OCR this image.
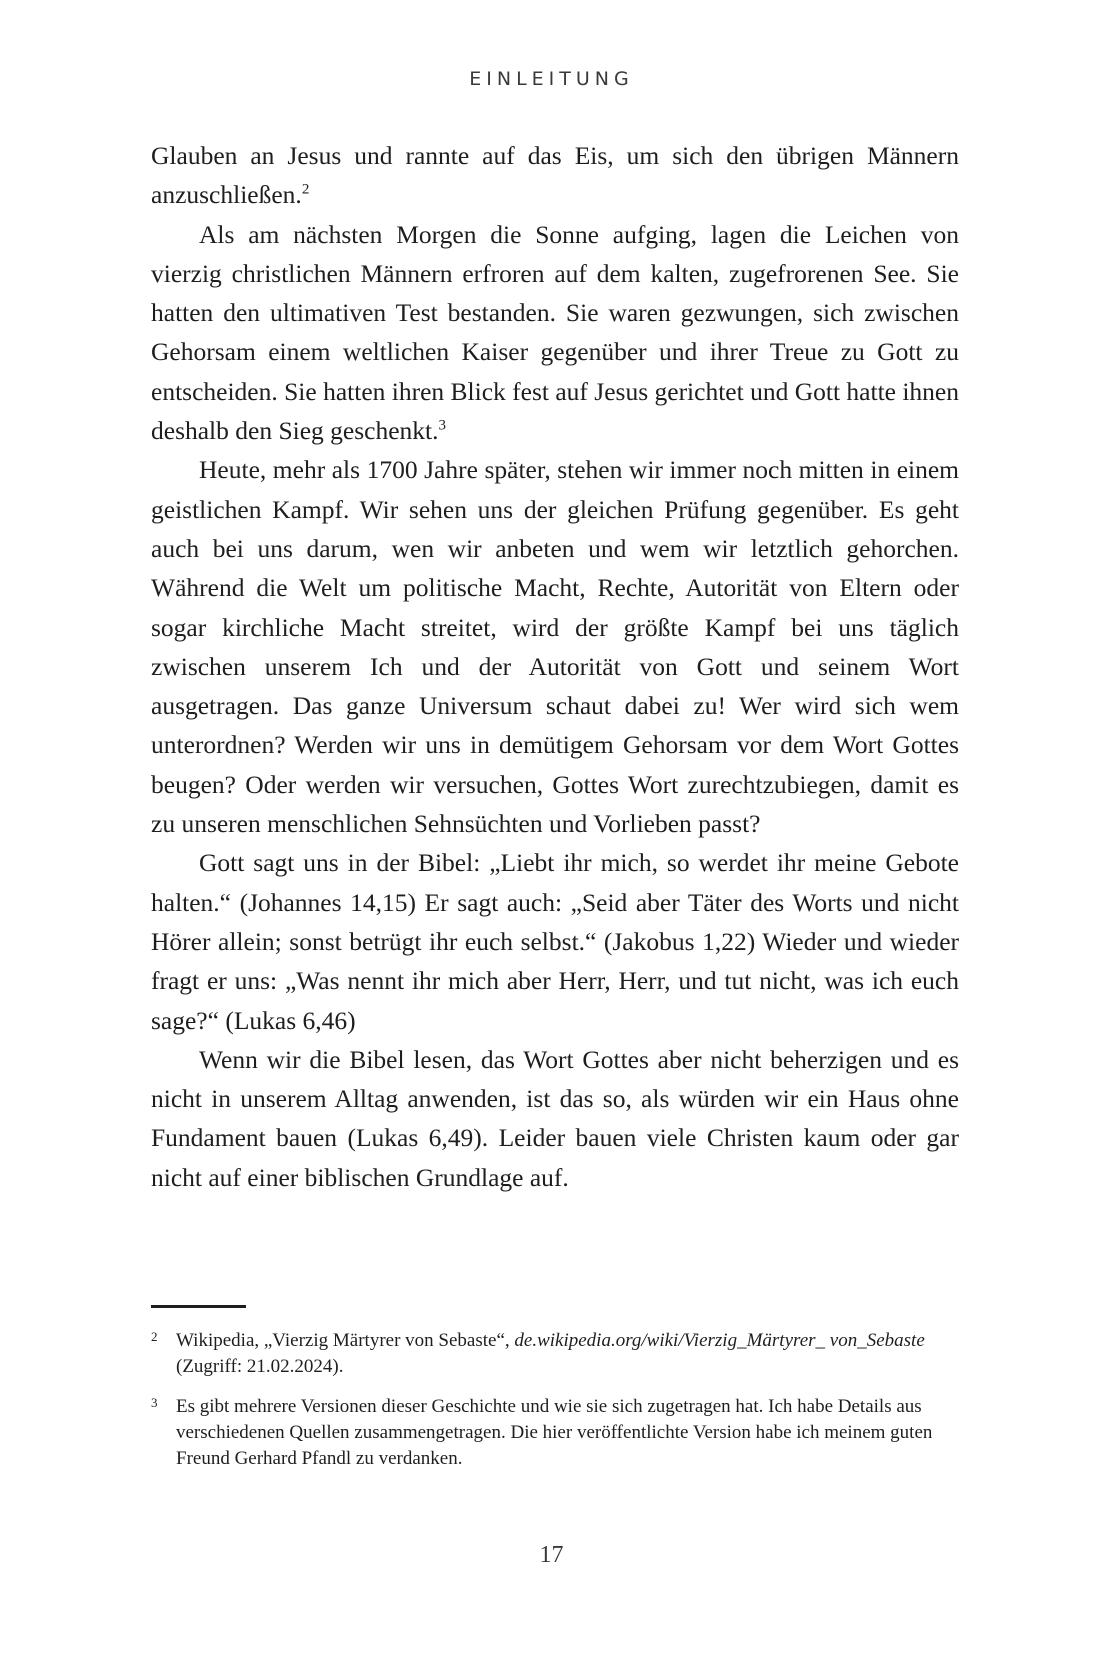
EINLEITUNG

Glauben an Jesus und rannte auf das Eis, um sich den übrigen Männern anzuschließen.$^2$

Als am nächsten Morgen die Sonne aufging, lagen die Leichen von vierzig christlichen Männern erfroren auf dem kalten, zugefrorenen See. Sie hatten den ultimativen Test bestanden. Sie waren gezwungen, sich zwischen Gehorsam einem weltlichen Kaiser gegenüber und ihrer Treue zu Gott zu entscheiden. Sie hatten ihren Blick fest auf Jesus gerichtet und Gott hatte ihnen deshalb den Sieg geschenkt.$^3$

Heute, mehr als 1700 Jahre später, stehen wir immer noch mitten in einem geistlichen Kampf. Wir sehen uns der gleichen Prüfung gegenüber. Es geht auch bei uns darum, wen wir anbeten und wem wir letztlich gehorchen. Während die Welt um politische Macht, Rechte, Autorität von Eltern oder sogar kirchliche Macht streitet, wird der größte Kampf bei uns täglich zwischen unserem Ich und der Autorität von Gott und seinem Wort ausgetragen. Das ganze Universum schaut dabei zu! Wer wird sich wem unterordnen? Werden wir uns in demütigem Gehorsam vor dem Wort Gottes beugen? Oder werden wir versuchen, Gottes Wort zurechtzubiegen, damit es zu unseren menschlichen Sehnsüchten und Vorlieben passt?

Gott sagt uns in der Bibel: „Liebt ihr mich, so werdet ihr meine Gebote halten.“ (Johannes 14,15) Er sagt auch: „Seid aber Täter des Worts und nicht Hörer allein; sonst betrügt ihr euch selbst.“ (Jakobus 1,22) Wieder und wieder fragt er uns: „Was nennt ihr mich aber Herr, Herr, und tut nicht, was ich euch sage?“ (Lukas 6,46)

Wenn wir die Bibel lesen, das Wort Gottes aber nicht beherzigen und es nicht in unserem Alltag anwenden, ist das so, als würden wir ein Haus ohne Fundament bauen (Lukas 6,49). Leider bauen viele Christen kaum oder gar nicht auf einer biblischen Grundlage auf.

2 Wikipedia, „Vierzig Märtyrer von Sebaste“, de.wikipedia.org/wiki/Vierzig_Märtyrer_ von_Sebaste (Zugriff: 21.02.2024).
3 Es gibt mehrere Versionen dieser Geschichte und wie sie sich zugetragen hat. Ich habe Details aus verschiedenen Quellen zusammengetragen. Die hier veröffentlichte Version habe ich meinem guten Freund Gerhard Pfandl zu verdanken.
17
